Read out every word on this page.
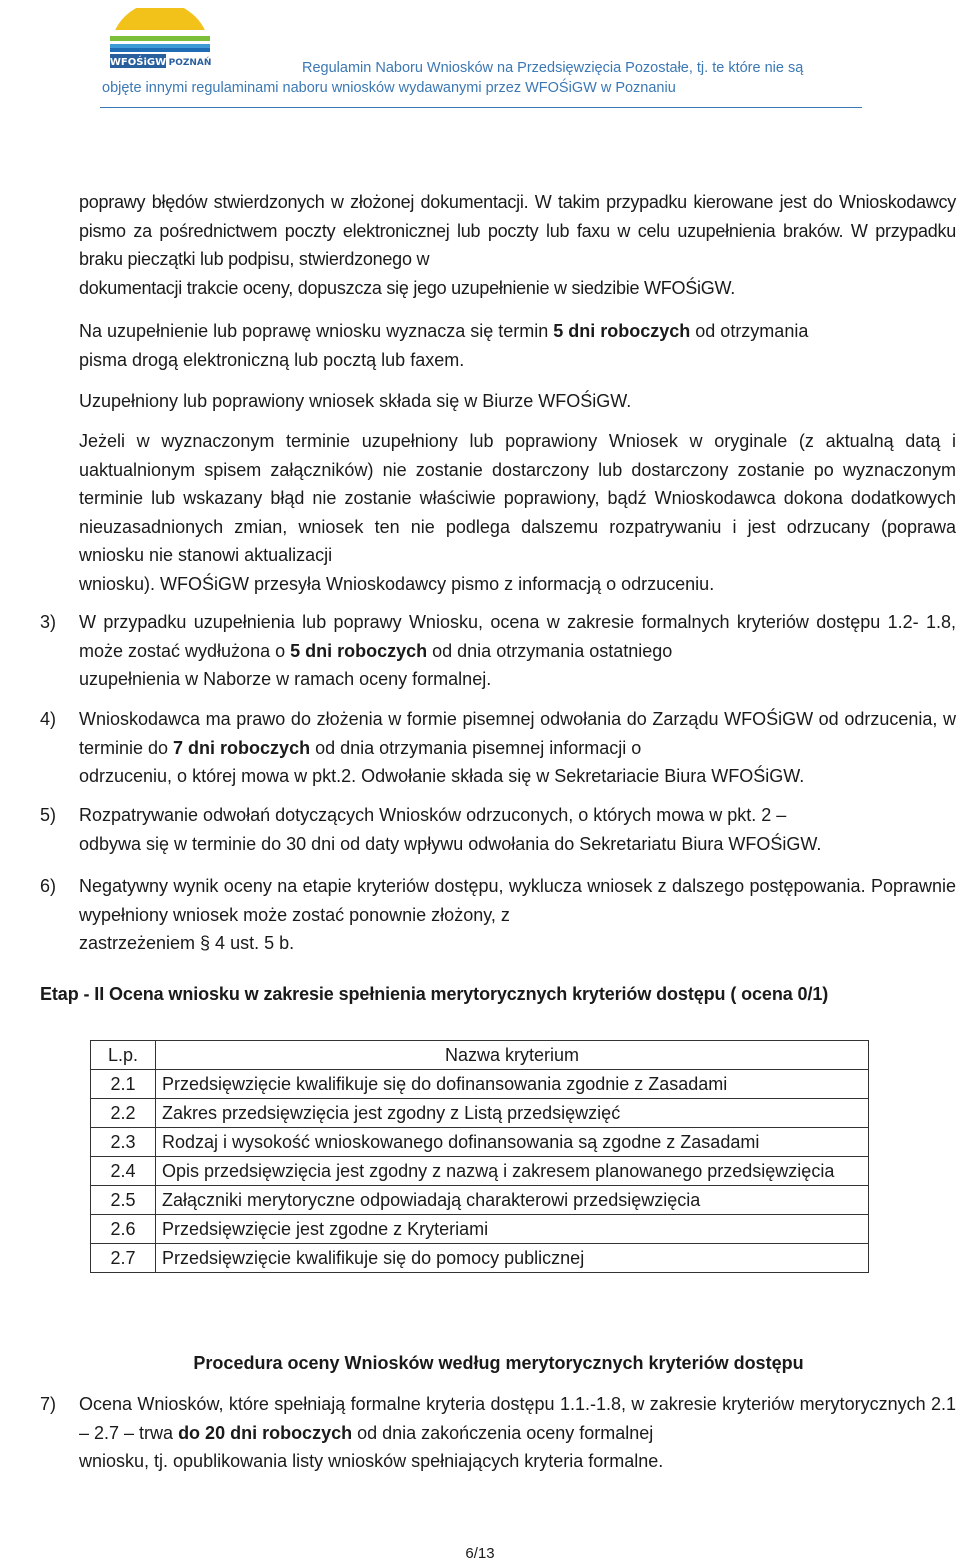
WFOŚiGW POZNAŃ	Regulamin Naboru Wniosków na Przedsięwzięcia Pozostałe, tj. te które nie są
objęte innymi regulaminami naboru wniosków wydawanymi przez WFOŚiGW w Poznaniu
poprawy błędów stwierdzonych w złożonej dokumentacji. W takim przypadku kierowane jest do Wnioskodawcy pismo za pośrednictwem poczty elektronicznej lub poczty lub faxu w celu uzupełnienia braków. W przypadku braku pieczątki lub podpisu, stwierdzonego w
dokumentacji trakcie oceny, dopuszcza się jego uzupełnienie w siedzibie WFOŚiGW.
Na uzupełnienie lub poprawę wniosku wyznacza się termin 5 dni roboczych od otrzymania
pisma drogą elektroniczną lub pocztą lub faxem.
Uzupełniony lub poprawiony wniosek składa się w Biurze WFOŚiGW.
Jeżeli w wyznaczonym terminie uzupełniony lub poprawiony Wniosek w oryginale (z aktualną datą i uaktualnionym spisem załączników) nie zostanie dostarczony lub dostarczony zostanie po wyznaczonym terminie lub wskazany błąd nie zostanie właściwie poprawiony, bądź Wnioskodawca dokona dodatkowych nieuzasadnionych zmian, wniosek ten nie podlega dalszemu rozpatrywaniu i jest odrzucany (poprawa wniosku nie stanowi aktualizacji
wniosku). WFOŚiGW przesyła Wnioskodawcy pismo z informacją o odrzuceniu.
3) W przypadku uzupełnienia lub poprawy Wniosku, ocena w zakresie formalnych kryteriów dostępu 1.2- 1.8, może zostać wydłużona o 5 dni roboczych od dnia otrzymania ostatniego
uzupełnienia w Naborze w ramach oceny formalnej.
4) Wnioskodawca ma prawo do złożenia w formie pisemnej odwołania do Zarządu WFOŚiGW od odrzucenia, w terminie do 7 dni roboczych od dnia otrzymania pisemnej informacji o
odrzuceniu, o której mowa w pkt.2. Odwołanie składa się w Sekretariacie Biura WFOŚiGW.
5) Rozpatrywanie odwołań dotyczących Wniosków odrzuconych, o których mowa w pkt. 2 –
odbywa się w terminie do 30 dni od daty wpływu odwołania do Sekretariatu Biura WFOŚiGW.
6) Negatywny wynik oceny na etapie kryteriów dostępu, wyklucza wniosek z dalszego postępowania. Poprawnie wypełniony wniosek może zostać ponownie złożony, z
zastrzeżeniem § 4 ust. 5 b.
Etap - II Ocena wniosku w zakresie spełnienia merytorycznych kryteriów dostępu ( ocena 0/1)
L.p.	Nazwa kryterium
2.1	Przedsięwzięcie kwalifikuje się do dofinansowania zgodnie z Zasadami
2.2	Zakres przedsięwzięcia jest zgodny z Listą przedsięwzięć
2.3	Rodzaj i wysokość wnioskowanego dofinansowania są zgodne z Zasadami
2.4	Opis przedsięwzięcia jest zgodny z nazwą i zakresem planowanego przedsięwzięcia
2.5	Załączniki merytoryczne odpowiadają charakterowi przedsięwzięcia
2.6	Przedsięwzięcie jest zgodne z Kryteriami
2.7	Przedsięwzięcie kwalifikuje się do pomocy publicznej
Procedura oceny Wniosków według merytorycznych kryteriów dostępu
7) Ocena Wniosków, które spełniają formalne kryteria dostępu 1.1.-1.8, w zakresie kryteriów merytorycznych 2.1 – 2.7 – trwa do 20 dni roboczych od dnia zakończenia oceny formalnej
wniosku, tj. opublikowania listy wniosków spełniających kryteria formalne.
6/13
